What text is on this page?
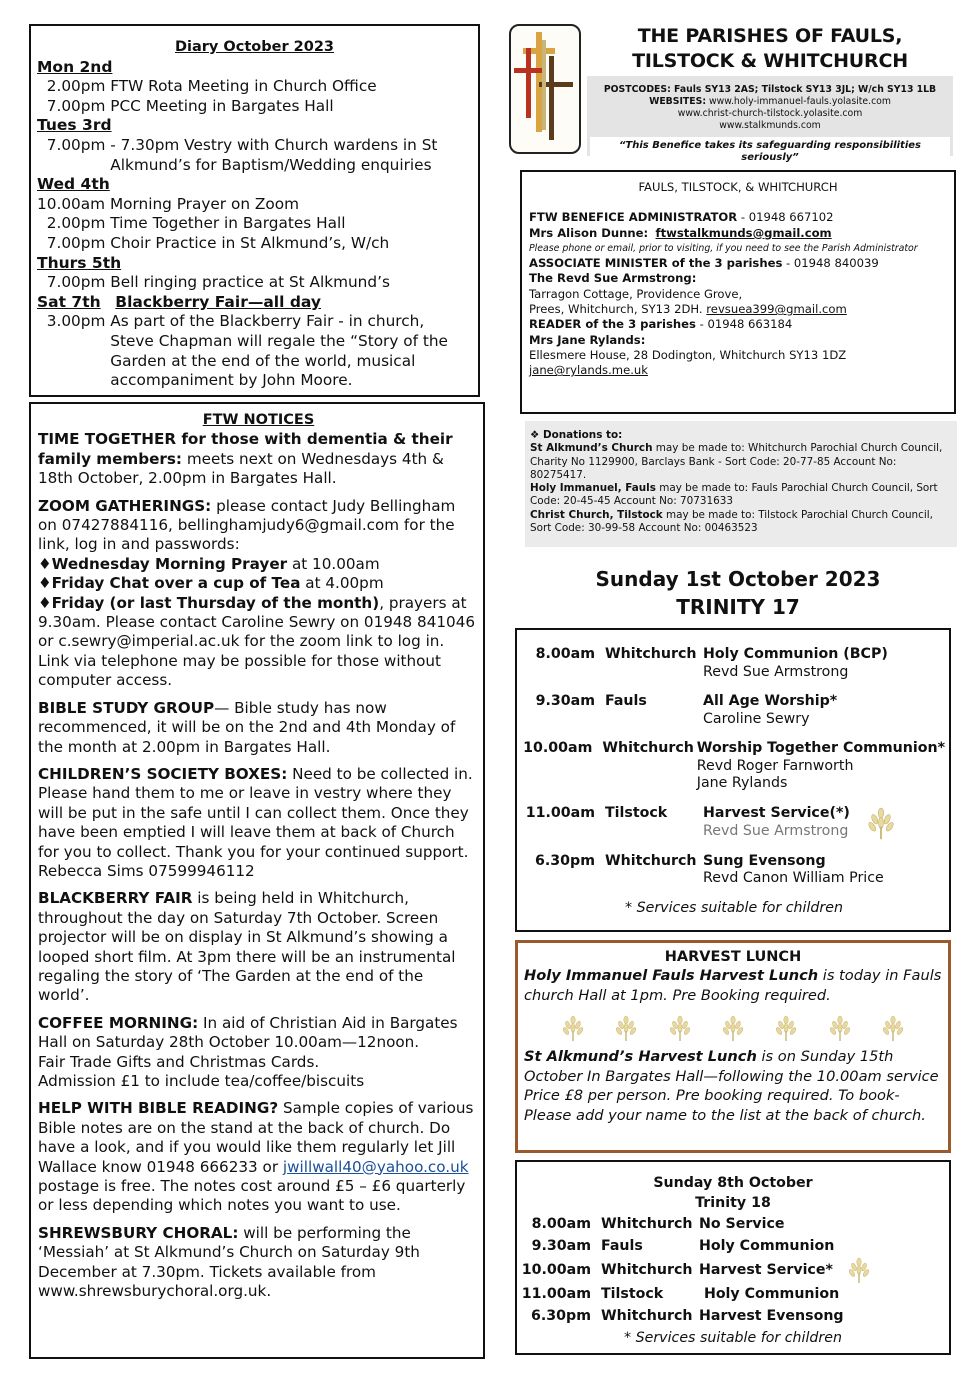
Diary October 2023
Mon 2nd
2.00pm FTW Rota Meeting in Church Office
7.00pm PCC Meeting in Bargates Hall
Tues 3rd
7.00pm - 7.30pm Vestry with Church wardens in St Alkmund’s for Baptism/Wedding enquiries
Wed 4th
10.00am Morning Prayer on Zoom
2.00pm Time Together in Bargates Hall
7.00pm Choir Practice in St Alkmund’s, W/ch
Thurs 5th
7.00pm Bell ringing practice at St Alkmund’s
Sat 7th Blackberry Fair—all day
3.00pm As part of the Blackberry Fair - in church, Steve Chapman will regale the “Story of the Garden at the end of the world, musical accompaniment by John Moore.
FTW NOTICES

TIME TOGETHER for those with dementia & their family members: meets next on Wednesdays 4th & 18th October, 2.00pm in Bargates Hall.

ZOOM GATHERINGS: please contact Judy Bellingham on 07427884116, bellinghamjudy6@gmail.com for the link, log in and passwords:
♦Wednesday Morning Prayer at 10.00am
♦Friday Chat over a cup of Tea at 4.00pm
♦Friday (or last Thursday of the month), prayers at 9.30am. Please contact Caroline Sewry on 01948 841046 or c.sewry@imperial.ac.uk for the zoom link to log in. Link via telephone may be possible for those without computer access.

BIBLE STUDY GROUP— Bible study has now recommenced, it will be on the 2nd and 4th Monday of the month at 2.00pm in Bargates Hall.

CHILDREN’S SOCIETY BOXES: Need to be collected in. Please hand them to me or leave in vestry where they will be put in the safe until I can collect them. Once they have been emptied I will leave them at back of Church for you to collect. Thank you for your continued support. Rebecca Sims 07599946112

BLACKBERRY FAIR is being held in Whitchurch, throughout the day on Saturday 7th October. Screen projector will be on display in St Alkmund’s showing a looped short film. At 3pm there will be an instrumental regaling the story of ‘The Garden at the end of the world’.

COFFEE MORNING: In aid of Christian Aid in Bargates Hall on Saturday 28th October 10.00am—12noon.
Fair Trade Gifts and Christmas Cards.
Admission £1 to include tea/coffee/biscuits

HELP WITH BIBLE READING? Sample copies of various Bible notes are on the stand at the back of church. Do have a look, and if you would like them regularly let Jill Wallace know 01948 666233 or jwillwall40@yahoo.co.uk postage is free. The notes cost around £5 – £6 quarterly or less depending which notes you want to use.

SHREWSBURY CHORAL: will be performing the ‘Messiah’ at St Alkmund’s Church on Saturday 9th December at 7.30pm. Tickets available from www.shrewsburychoral.org.uk.

THE PARISHES OF FAULS,
TILSTOCK & WHITCHURCH
POSTCODES: Fauls SY13 2AS; Tilstock SY13 3JL; W/ch SY13 1LB
WEBSITES: www.holy-immanuel-fauls.yolasite.com
www.christ-church-tilstock.yolasite.com
www.stalkmunds.com
“This Benefice takes its safeguarding responsibilities seriously”
FAULS, TILSTOCK, & WHITCHURCH
FTW BENEFICE ADMINISTRATOR - 01948 667102
Mrs Alison Dunne: ftwstalkmunds@gmail.com
Please phone or email, prior to visiting, if you need to see the Parish Administrator
ASSOCIATE MINISTER of the 3 parishes - 01948 840039
The Revd Sue Armstrong:
Tarragon Cottage, Providence Grove,
Prees, Whitchurch, SY13 2DH. revsuea399@gmail.com
READER of the 3 parishes - 01948 663184
Mrs Jane Rylands:
Ellesmere House, 28 Dodington, Whitchurch SY13 1DZ
jane@rylands.me.uk
❖ Donations to:
St Alkmund’s Church may be made to: Whitchurch Parochial Church Council, Charity No 1129900, Barclays Bank - Sort Code: 20-77-85 Account No: 80275417.
Holy Immanuel, Fauls may be made to: Fauls Parochial Church Council, Sort Code: 20-45-45 Account No: 70731633
Christ Church, Tilstock may be made to: Tilstock Parochial Church Council, Sort Code: 30-99-58 Account No: 00463523
Sunday 1st October 2023
TRINITY 17
8.00am Whitchurch Holy Communion (BCP)
Revd Sue Armstrong
9.30am Fauls	All Age Worship*
Caroline Sewry
10.00am Whitchurch Worship Together Communion*
Revd Roger Farnworth
Jane Rylands
11.00am Tilstock	Harvest Service(*)
Revd Sue Armstrong
6.30pm Whitchurch Sung Evensong
Revd Canon William Price
* Services suitable for children
HARVEST LUNCH

Holy Immanuel Fauls Harvest Lunch is today in Fauls church Hall at 1pm. Pre Booking required.

St Alkmund’s Harvest Lunch is on Sunday 15th October In Bargates Hall—following the 10.00am service Price £8 per person. Pre booking required. To book-Please add your name to the list at the back of church.

Sunday 8th October
Trinity 18
8.00am Whitchurch No Service
9.30am Fauls	Holy Communion
10.00am Whitchurch Harvest Service*
11.00am Tilstock	Holy Communion
6.30pm Whitchurch Harvest Evensong
* Services suitable for children
